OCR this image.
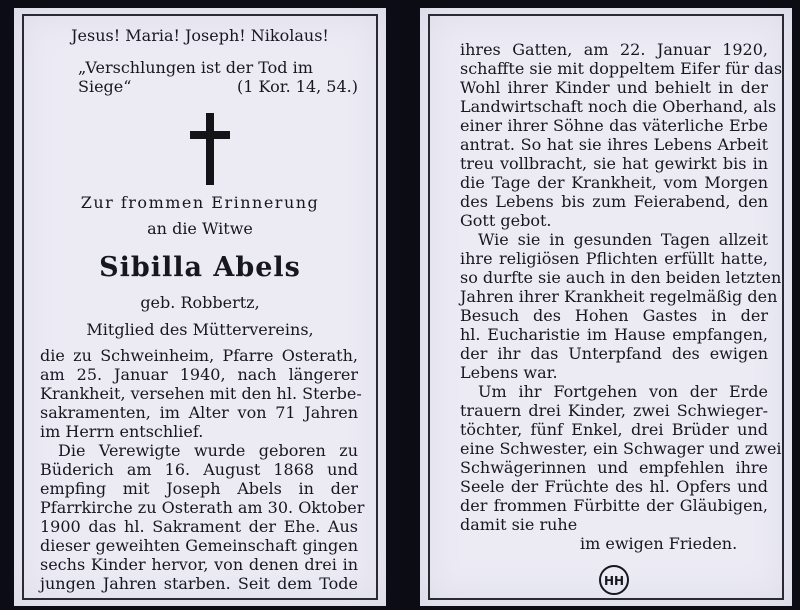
Jesus! Maria! Joseph! Nikolaus!
„Verschlungen ist der Tod im
Siege“	(1 Kor. 14, 54.)
Zur frommen Erinnerung
an die Witwe
Sibilla Abels
geb. Robbertz,
Mitglied des Müttervereins,
die zu Schweinheim, Pfarre Osterath,
am 25. Januar 1940, nach längerer
Krankheit, versehen mit den hl. Sterbe-
sakramenten, im Alter von 71 Jahren
im Herrn entschlief.
Die Verewigte wurde geboren zu
Büderich am 16. August 1868 und
empfing mit Joseph Abels in der
Pfarrkirche zu Osterath am 30. Oktober
1900 das hl. Sakrament der Ehe. Aus
dieser geweihten Gemeinschaft gingen
sechs Kinder hervor, von denen drei in
jungen Jahren starben. Seit dem Tode
ihres Gatten, am 22. Januar 1920,
schaffte sie mit doppeltem Eifer für das
Wohl ihrer Kinder und behielt in der
Landwirtschaft noch die Oberhand, als
einer ihrer Söhne das väterliche Erbe
antrat. So hat sie ihres Lebens Arbeit
treu vollbracht, sie hat gewirkt bis in
die Tage der Krankheit, vom Morgen
des Lebens bis zum Feierabend, den
Gott gebot.
Wie sie in gesunden Tagen allzeit
ihre religiösen Pflichten erfüllt hatte,
so durfte sie auch in den beiden letzten
Jahren ihrer Krankheit regelmäßig den
Besuch des Hohen Gastes in der
hl. Eucharistie im Hause empfangen,
der ihr das Unterpfand des ewigen
Lebens war.
Um ihr Fortgehen von der Erde
trauern drei Kinder, zwei Schwieger-
töchter, fünf Enkel, drei Brüder und
eine Schwester, ein Schwager und zwei
Schwägerinnen und empfehlen ihre
Seele der Früchte des hl. Opfers und
der frommen Fürbitte der Gläubigen,
damit sie ruhe
im ewigen Frieden.
HH
